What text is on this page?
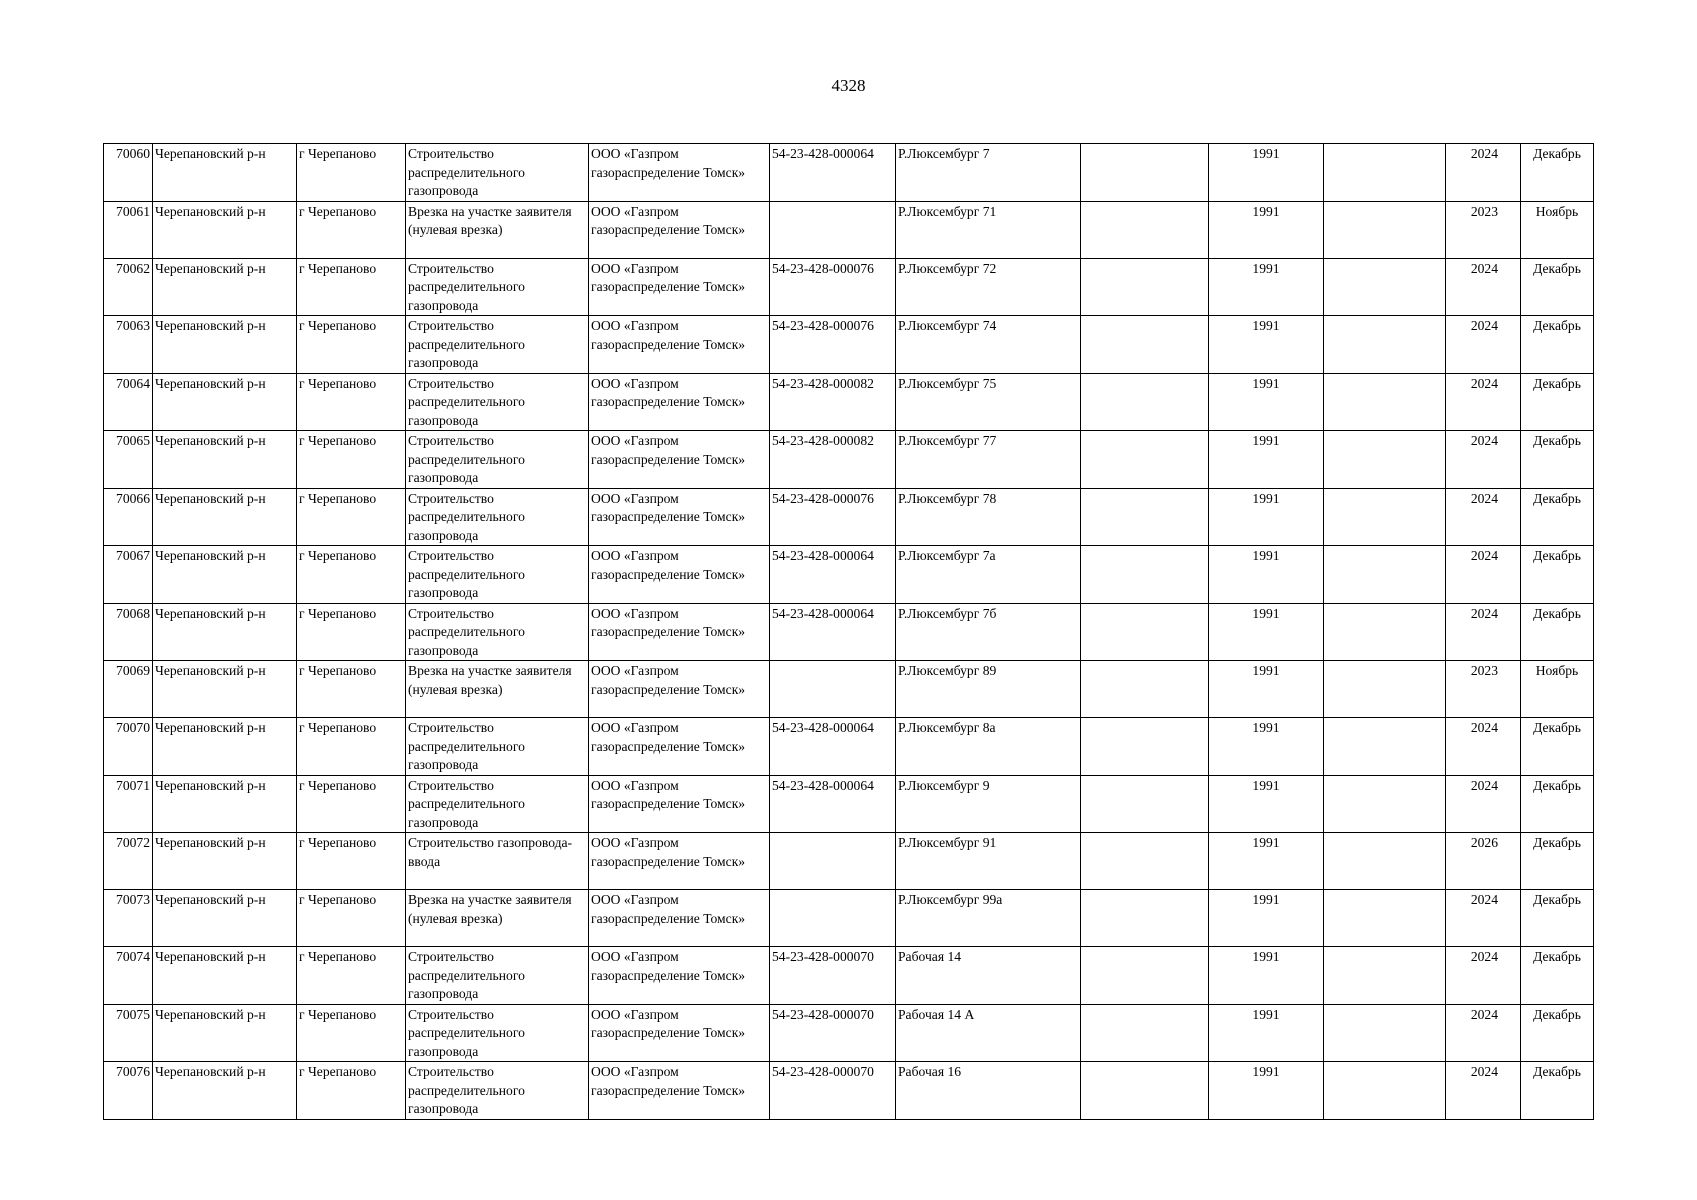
4328
70060	Черепановский р-н	г Черепаново	Строительство распределительного газопровода	ООО «Газпром газораспределение Томск»	54-23-428-000064	Р.Люксембург 7		1991		2024	Декабрь
70061	Черепановский р-н	г Черепаново	Врезка на участке заявителя (нулевая врезка)	ООО «Газпром газораспределение Томск»		Р.Люксембург 71		1991		2023	Ноябрь
70062	Черепановский р-н	г Черепаново	Строительство распределительного газопровода	ООО «Газпром газораспределение Томск»	54-23-428-000076	Р.Люксембург 72		1991		2024	Декабрь
70063	Черепановский р-н	г Черепаново	Строительство распределительного газопровода	ООО «Газпром газораспределение Томск»	54-23-428-000076	Р.Люксембург 74		1991		2024	Декабрь
70064	Черепановский р-н	г Черепаново	Строительство распределительного газопровода	ООО «Газпром газораспределение Томск»	54-23-428-000082	Р.Люксембург 75		1991		2024	Декабрь
70065	Черепановский р-н	г Черепаново	Строительство распределительного газопровода	ООО «Газпром газораспределение Томск»	54-23-428-000082	Р.Люксембург 77		1991		2024	Декабрь
70066	Черепановский р-н	г Черепаново	Строительство распределительного газопровода	ООО «Газпром газораспределение Томск»	54-23-428-000076	Р.Люксембург 78		1991		2024	Декабрь
70067	Черепановский р-н	г Черепаново	Строительство распределительного газопровода	ООО «Газпром газораспределение Томск»	54-23-428-000064	Р.Люксембург 7а		1991		2024	Декабрь
70068	Черепановский р-н	г Черепаново	Строительство распределительного газопровода	ООО «Газпром газораспределение Томск»	54-23-428-000064	Р.Люксембург 7б		1991		2024	Декабрь
70069	Черепановский р-н	г Черепаново	Врезка на участке заявителя (нулевая врезка)	ООО «Газпром газораспределение Томск»		Р.Люксембург 89		1991		2023	Ноябрь
70070	Черепановский р-н	г Черепаново	Строительство распределительного газопровода	ООО «Газпром газораспределение Томск»	54-23-428-000064	Р.Люксембург 8а		1991		2024	Декабрь
70071	Черепановский р-н	г Черепаново	Строительство распределительного газопровода	ООО «Газпром газораспределение Томск»	54-23-428-000064	Р.Люксембург 9		1991		2024	Декабрь
70072	Черепановский р-н	г Черепаново	Строительство газопровода-ввода	ООО «Газпром газораспределение Томск»		Р.Люксембург 91		1991		2026	Декабрь
70073	Черепановский р-н	г Черепаново	Врезка на участке заявителя (нулевая врезка)	ООО «Газпром газораспределение Томск»		Р.Люксембург 99а		1991		2024	Декабрь
70074	Черепановский р-н	г Черепаново	Строительство распределительного газопровода	ООО «Газпром газораспределение Томск»	54-23-428-000070	Рабочая 14		1991		2024	Декабрь
70075	Черепановский р-н	г Черепаново	Строительство распределительного газопровода	ООО «Газпром газораспределение Томск»	54-23-428-000070	Рабочая 14 А		1991		2024	Декабрь
70076	Черепановский р-н	г Черепаново	Строительство распределительного газопровода	ООО «Газпром газораспределение Томск»	54-23-428-000070	Рабочая 16		1991		2024	Декабрь
